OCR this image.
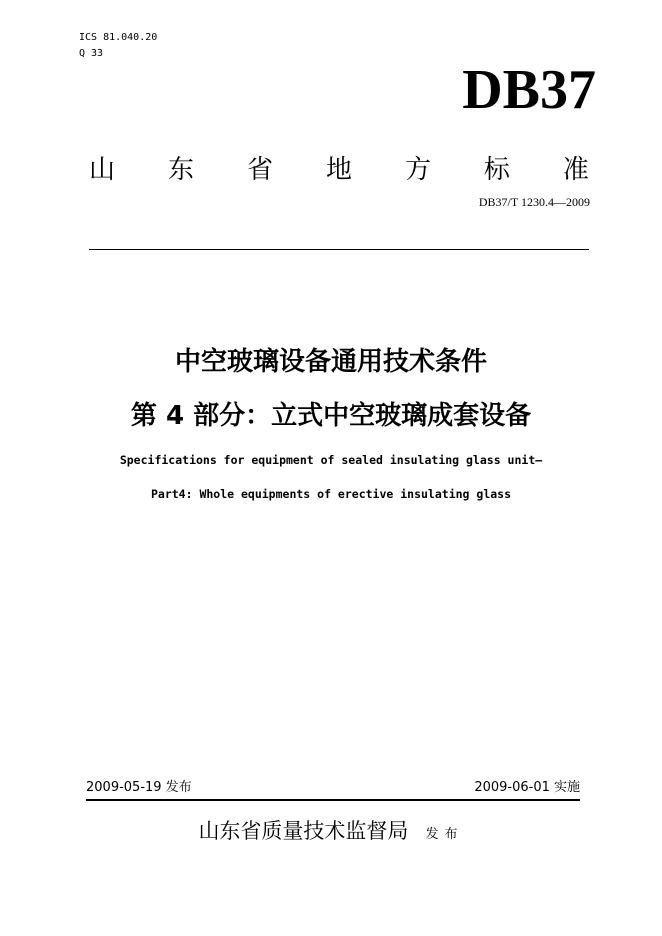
ICS 81.040.20
Q 33
DB37
山 东 省 地 方 标 准
DB37/T 1230.4—2009
中空玻璃设备通用技术条件
第 4 部分：立式中空玻璃成套设备
Specifications for equipment of sealed insulating glass unit—
Part4: Whole equipments of erective insulating glass
2009-05-19 发布	2009-06-01 实施
山东省质量技术监督局 发布
